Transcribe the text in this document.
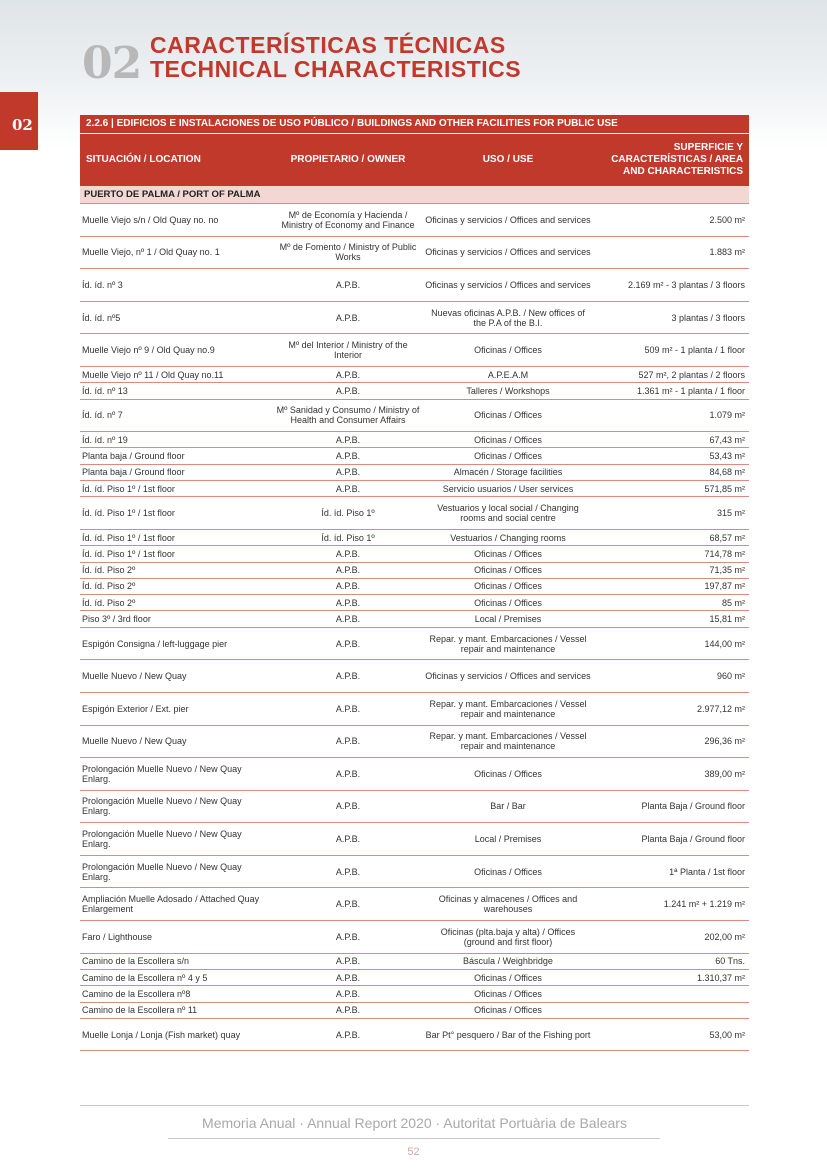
02 CARACTERÍSTICAS TÉCNICAS
TECHNICAL CHARACTERISTICS
02	2.2.6 | EDIFICIOS E INSTALACIONES DE USO PÚBLICO / BUILDINGS AND OTHER FACILITIES FOR PUBLIC USE			
SITUACIÓN / LOCATION	PROPIETARIO / OWNER	USO / USE	SUPERFICIE Y CARACTERÍSTICAS / AREA AND CHARACTERISTICS
PUERTO DE PALMA / PORT OF PALMA			
Muelle Viejo s/n / Old Quay no. no	Mº de Economía y Hacienda / Ministry of Economy and Finance	Oficinas y servicios / Offices and services	2.500 m²
Muelle Viejo, nº 1 / Old Quay no. 1	Mº de Fomento / Ministry of Public Works	Oficinas y servicios / Offices and services	1.883 m²
Íd. íd. nº 3	A.P.B.	Oficinas y servicios / Offices and services	2.169 m² - 3 plantas / 3 floors
Íd. íd. nº5	A.P.B.	Nuevas oficinas A.P.B. / New offices of the P.A of the B.I.	3 plantas / 3 floors
Muelle Viejo nº 9 / Old Quay no.9	Mº del Interior / Ministry of the Interior	Oficinas / Offices	509 m² - 1 planta / 1 floor
Muelle Viejo nº 11 / Old Quay no.11	A.P.B.	A.P.E.A.M	527 m², 2 plantas / 2 floors
Íd. íd. nº 13	A.P.B.	Talleres / Workshops	1.361 m² - 1 planta / 1 floor
Íd. íd. nº 7	Mº Sanidad y Consumo / Ministry of Health and Consumer Affairs	Oficinas / Offices	1.079 m²
Íd. íd. nº 19	A.P.B.	Oficinas / Offices	67,43 m²
Planta baja / Ground floor	A.P.B.	Oficinas / Offices	53,43 m²
Planta baja / Ground floor	A.P.B.	Almacén / Storage facilities	84,68 m²
Íd. íd. Piso 1º / 1st floor	A.P.B.	Servicio usuarios / User services	571,85 m²
Íd. íd. Piso 1º / 1st floor	Íd. íd. Piso 1º	Vestuarios y local social / Changing rooms and social centre	315 m²
Íd. íd. Piso 1º / 1st floor	Íd. íd. Piso 1º	Vestuarios / Changing rooms	68,57 m²
Íd. íd. Piso 1º / 1st floor	A.P.B.	Oficinas / Offices	714,78 m²
Íd. íd. Piso 2º	A.P.B.	Oficinas / Offices	71,35 m²
Íd. íd. Piso 2º	A.P.B.	Oficinas / Offices	197,87 m²
Íd. íd. Piso 2º	A.P.B.	Oficinas / Offices	85 m²
Piso 3º / 3rd floor	A.P.B.	Local / Premises	15,81 m²
Espigón Consigna / left-luggage pier	A.P.B.	Repar. y mant. Embarcaciones / Vessel repair and maintenance	144,00 m²
Muelle Nuevo / New Quay	A.P.B.	Oficinas y servicios / Offices and services	960 m²
Espigón Exterior / Ext. pier	A.P.B.	Repar. y mant. Embarcaciones / Vessel repair and maintenance	2.977,12 m²
Muelle Nuevo / New Quay	A.P.B.	Repar. y mant. Embarcaciones / Vessel repair and maintenance	296,36 m²
Prolongación Muelle Nuevo / New Quay Enlarg.	A.P.B.	Oficinas / Offices	389,00 m²
Prolongación Muelle Nuevo / New Quay Enlarg.	A.P.B.	Bar / Bar	Planta Baja / Ground floor
Prolongación Muelle Nuevo / New Quay Enlarg.	A.P.B.	Local / Premises	Planta Baja / Ground floor
Prolongación Muelle Nuevo / New Quay Enlarg.	A.P.B.	Oficinas / Offices	1ª Planta / 1st floor
Ampliación Muelle Adosado / Attached Quay Enlargement	A.P.B.	Oficinas y almacenes / Offices and warehouses	1.241 m² + 1.219 m²
Faro / Lighthouse	A.P.B.	Oficinas (plta.baja y alta) / Offices (ground and first floor)	202,00 m²
Camino de la Escollera s/n	A.P.B.	Báscula / Weighbridge	60 Tns.
Camino de la Escollera nº 4 y 5	A.P.B.	Oficinas / Offices	1.310,37 m²
Camino de la Escollera nº8	A.P.B.	Oficinas / Offices	
Camino de la Escollera nº 11	A.P.B.	Oficinas / Offices	
Muelle Lonja / Lonja (Fish market) quay	A.P.B.	Bar Pt° pesquero / Bar of the Fishing port	53,00 m²
Memoria Anual · Annual Report 2020 · Autoritat Portuària de Balears
52
